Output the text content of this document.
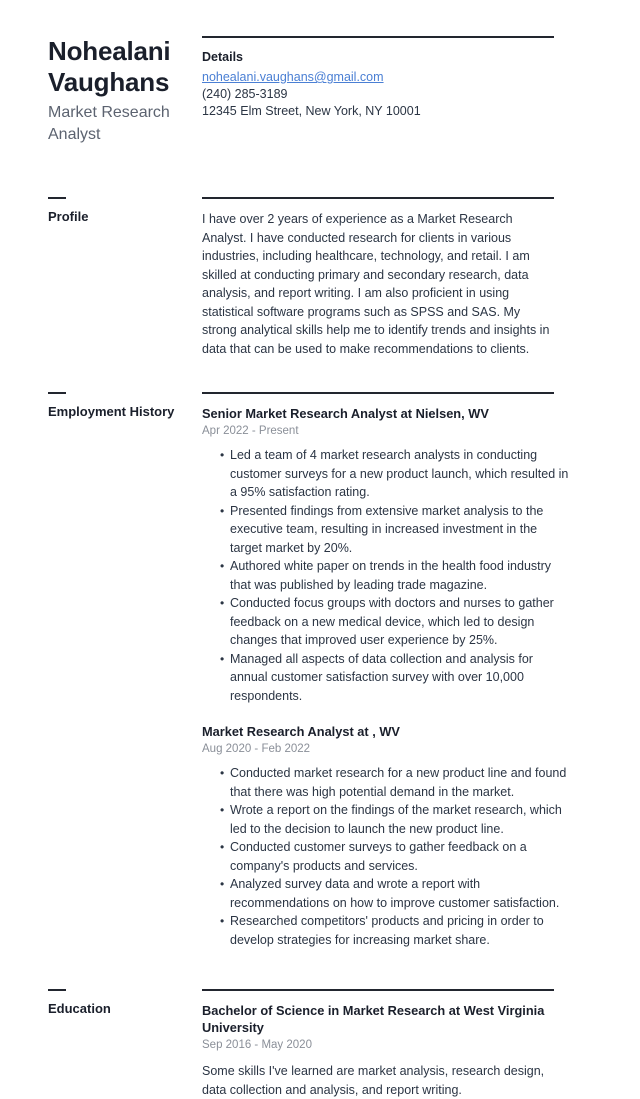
Nohealani Vaughans
Market Research Analyst
Details
nohealani.vaughans@gmail.com
(240) 285-3189
12345 Elm Street, New York, NY 10001
Profile	I have over 2 years of experience as a Market Research Analyst. I have conducted research for clients in various industries, including healthcare, technology, and retail. I am skilled at conducting primary and secondary research, data analysis, and report writing. I am also proficient in using statistical software programs such as SPSS and SAS. My strong analytical skills help me to identify trends and insights in data that can be used to make recommendations to clients.
Employment History	Senior Market Research Analyst at Nielsen, WV
Apr 2022 - Present
• Led a team of 4 market research analysts in conducting customer surveys for a new product launch, which resulted in a 95% satisfaction rating.
• Presented findings from extensive market analysis to the executive team, resulting in increased investment in the target market by 20%.
• Authored white paper on trends in the health food industry that was published by leading trade magazine.
• Conducted focus groups with doctors and nurses to gather feedback on a new medical device, which led to design changes that improved user experience by 25%.
• Managed all aspects of data collection and analysis for annual customer satisfaction survey with over 10,000 respondents.
Market Research Analyst at , WV
Aug 2020 - Feb 2022
• Conducted market research for a new product line and found that there was high potential demand in the market.
• Wrote a report on the findings of the market research, which led to the decision to launch the new product line.
• Conducted customer surveys to gather feedback on a company's products and services.
• Analyzed survey data and wrote a report with recommendations on how to improve customer satisfaction.
• Researched competitors' products and pricing in order to develop strategies for increasing market share.
Education	Bachelor of Science in Market Research at West Virginia University
Sep 2016 - May 2020
Some skills I've learned are market analysis, research design, data collection and analysis, and report writing.
